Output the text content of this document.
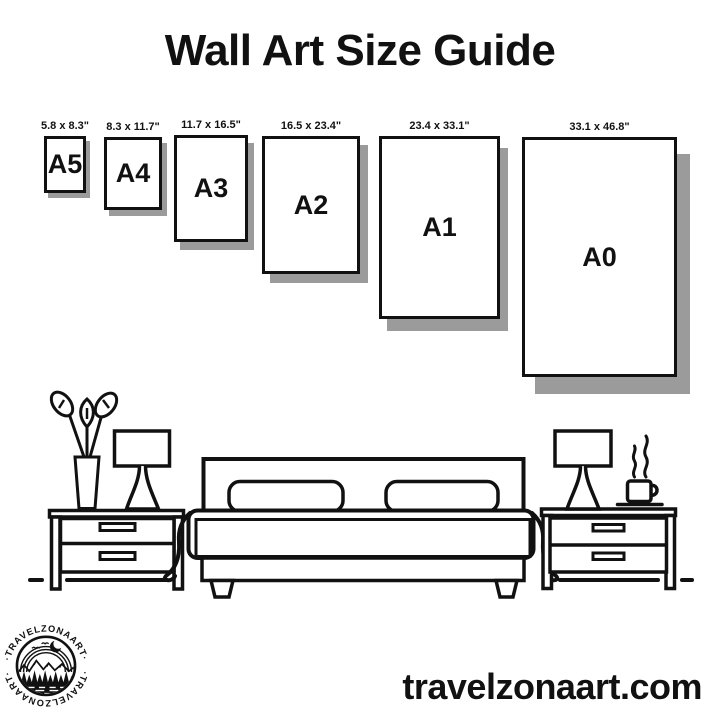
Wall Art Size Guide
5.8 x 8.3"
A5
8.3 x 11.7"
A4
11.7 x 16.5"
A3
16.5 x 23.4"
A2
23.4 x 33.1"
A1
33.1 x 46.8"
A0
·TRAVELZONAART·
·TRAVELZONAART·	travelzonaart.com
